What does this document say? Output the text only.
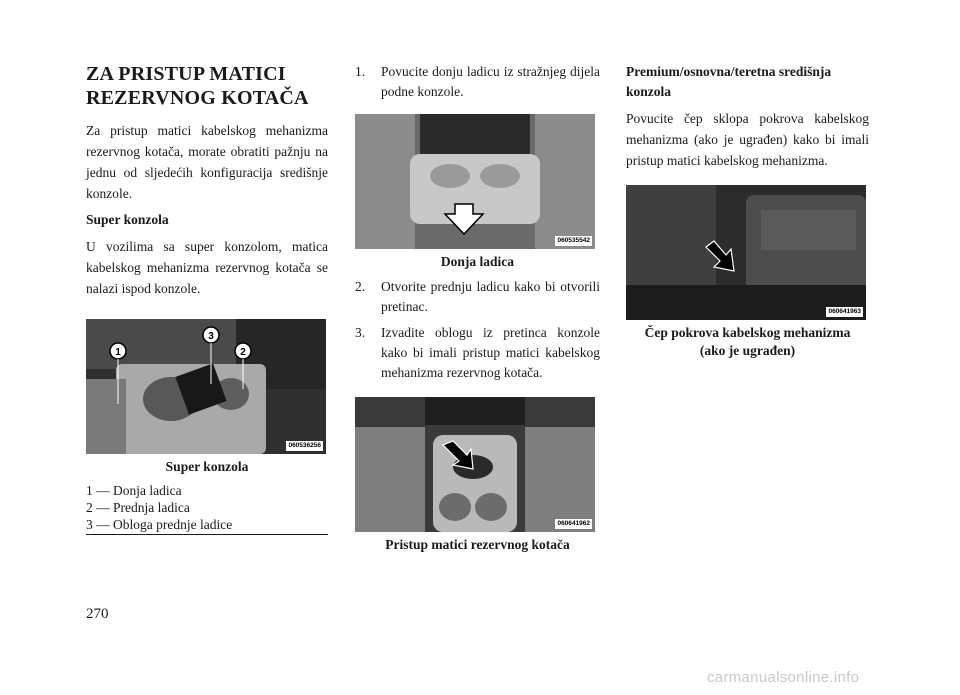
ZA PRISTUP MATICI
REZERVNOG KOTAČA

Za pristup matici kabelskog mehanizma rezervnog kotača, morate obratiti pažnju na jednu od sljedećih konfiguracija središnje konzole.

Super konzola

U vozilima sa super konzolom, matica kabelskog mehanizma rezervnog kotača se nalazi ispod konzole.

1
3
2
060536256
Super konzola
1 — Donja ladica
2 — Prednja ladica
3 — Obloga prednje ladice
1. Povucite donju ladicu iz stražnjeg dijela podne konzole.
060535542
Donja ladica
2. Otvorite prednju ladicu kako bi otvorili pretinac.
3. Izvadite oblogu iz pretinca konzole kako bi imali pristup matici kabelskog mehanizma rezervnog kotača.
060641962
Pristup matici rezervnog kotača
Premium/osnovna/teretna središnja
konzola

Povucite čep sklopa pokrova kabelskog mehanizma (ako je ugrađen) kako bi imali pristup matici kabelskog mehanizma.

060641963
Čep pokrova kabelskog mehanizma
(ako je ugrađen)
270
carmanualsonline.info
